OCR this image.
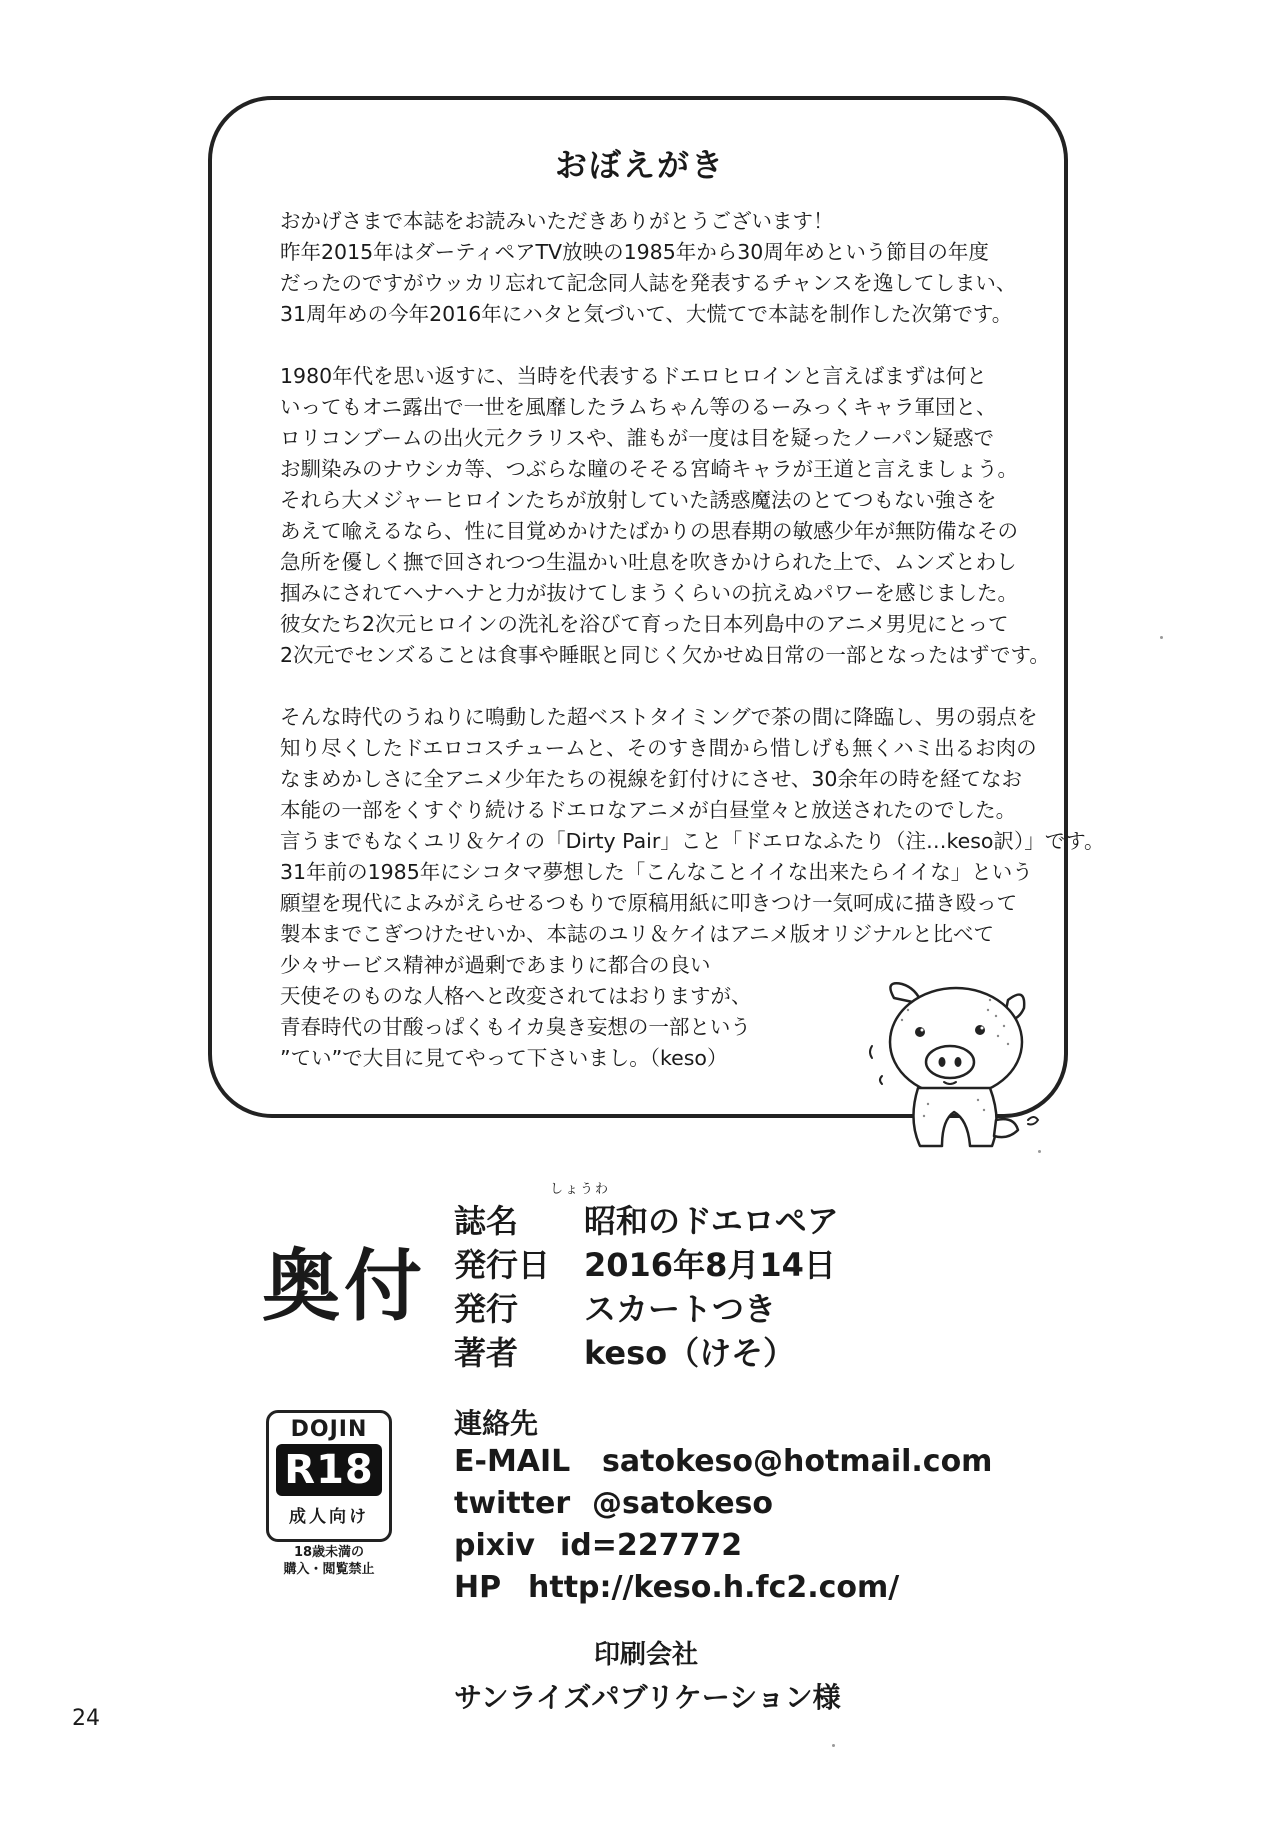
おぼえがき
おかげさまで本誌をお読みいただきありがとうございます！
昨年2015年はダーティペアTV放映の1985年から30周年めという節目の年度
だったのですがウッカリ忘れて記念同人誌を発表するチャンスを逸してしまい、
31周年めの今年2016年にハタと気づいて、大慌てで本誌を制作した次第です。
1980年代を思い返すに、当時を代表するドエロヒロインと言えばまずは何と
いってもオニ露出で一世を風靡したラムちゃん等のるーみっくキャラ軍団と、
ロリコンブームの出火元クラリスや、誰もが一度は目を疑ったノーパン疑惑で
お馴染みのナウシカ等、つぶらな瞳のそそる宮崎キャラが王道と言えましょう。
それら大メジャーヒロインたちが放射していた誘惑魔法のとてつもない強さを
あえて喩えるなら、性に目覚めかけたばかりの思春期の敏感少年が無防備なその
急所を優しく撫で回されつつ生温かい吐息を吹きかけられた上で、ムンズとわし
掴みにされてヘナヘナと力が抜けてしまうくらいの抗えぬパワーを感じました。
彼女たち2次元ヒロインの洗礼を浴びて育った日本列島中のアニメ男児にとって
2次元でセンズることは食事や睡眠と同じく欠かせぬ日常の一部となったはずです。
そんな時代のうねりに鳴動した超ベストタイミングで茶の間に降臨し、男の弱点を
知り尽くしたドエロコスチュームと、そのすき間から惜しげも無くハミ出るお肉の
なまめかしさに全アニメ少年たちの視線を釘付けにさせ、30余年の時を経てなお
本能の一部をくすぐり続けるドエロなアニメが白昼堂々と放送されたのでした。
言うまでもなくユリ＆ケイの「Dirty Pair」こと「ドエロなふたり（注…keso訳）」です。
31年前の1985年にシコタマ夢想した「こんなことイイな出来たらイイな」という
願望を現代によみがえらせるつもりで原稿用紙に叩きつけ一気呵成に描き殴って
製本までこぎつけたせいか、本誌のユリ＆ケイはアニメ版オリジナルと比べて
少々サービス精神が過剰であまりに都合の良い
天使そのものな人格へと改変されてはおりますが、
青春時代の甘酸っぱくもイカ臭き妄想の一部という
”てい”で大目に見てやって下さいまし。（keso）
奥付
しょうわ
誌名 昭和のドエロペア
発行日 2016年8月14日
発行 スカートつき
著者 keso（けそ）
DOJIN
R18
成人向け
18歳未満の
購入・閲覧禁止
連絡先
E-MAIL satokeso@hotmail.com
twitter @satokeso
pixiv id=227772
HP http://keso.h.fc2.com/
印刷会社
サンライズパブリケーション様
24
